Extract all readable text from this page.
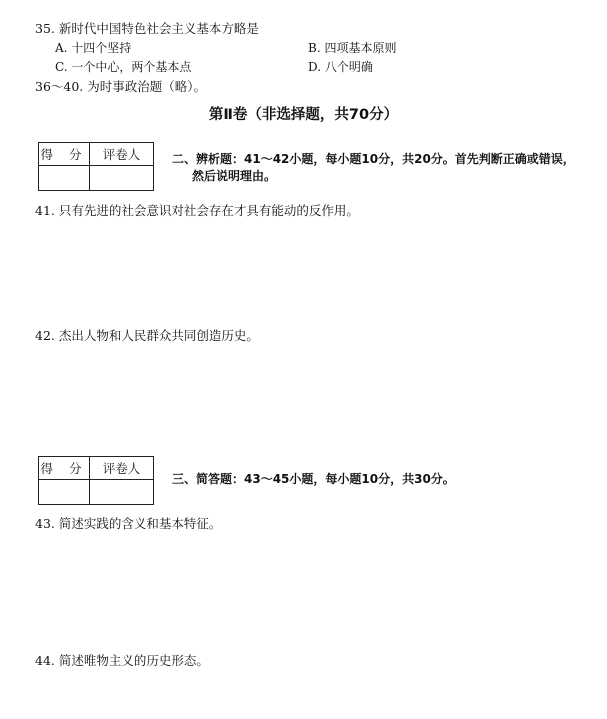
35. 新时代中国特色社会主义基本方略是
A. 十四个坚持	B. 四项基本原则
C. 一个中心，两个基本点	D. 八个明确
36～40. 为时事政治题（略）。
第Ⅱ卷（非选择题，共70分）
得 分	评卷人
		二、辨析题：41～42小题，每小题10分，共20分。首先判断正确或错误，
然后说明理由。
41. 只有先进的社会意识对社会存在才具有能动的反作用。
42. 杰出人物和人民群众共同创造历史。
得 分	评卷人

三、简答题：43～45小题，每小题10分，共30分。
43. 简述实践的含义和基本特征。
44. 简述唯物主义的历史形态。
